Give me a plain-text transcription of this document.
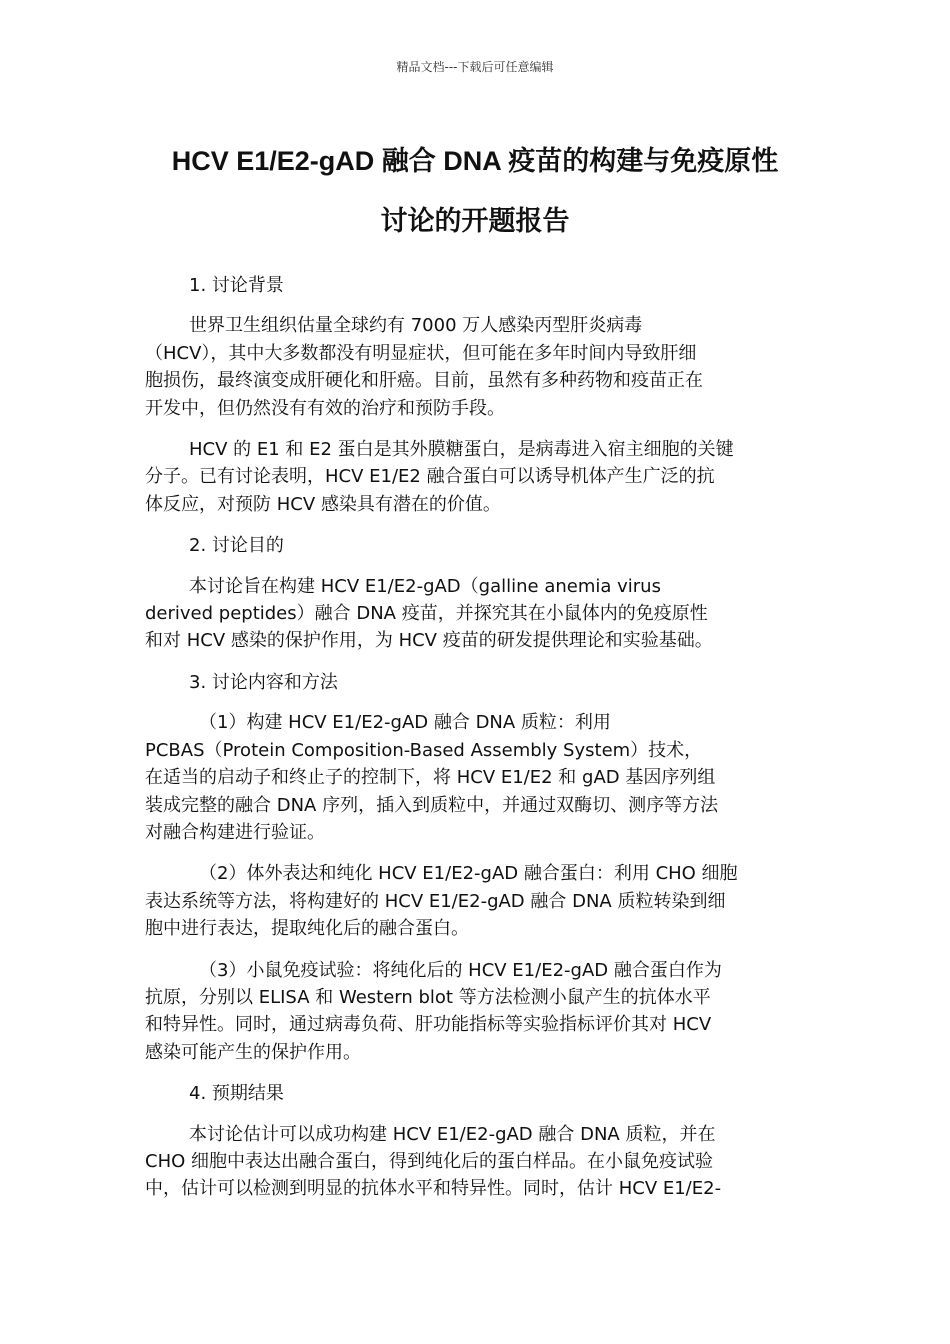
精品文档---下载后可任意编辑
HCV E1/E2-gAD 融合 DNA 疫苗的构建与免疫原性
讨论的开题报告

1. 讨论背景

世界卫生组织估量全球约有 7000 万人感染丙型肝炎病毒
（HCV），其中大多数都没有明显症状，但可能在多年时间内导致肝细
胞损伤，最终演变成肝硬化和肝癌。目前，虽然有多种药物和疫苗正在
开发中，但仍然没有有效的治疗和预防手段。

HCV 的 E1 和 E2 蛋白是其外膜糖蛋白，是病毒进入宿主细胞的关键
分子。已有讨论表明，HCV E1/E2 融合蛋白可以诱导机体产生广泛的抗
体反应，对预防 HCV 感染具有潜在的价值。

2. 讨论目的

本讨论旨在构建 HCV E1/E2-gAD（galline anemia virus
derived peptides）融合 DNA 疫苗，并探究其在小鼠体内的免疫原性
和对 HCV 感染的保护作用，为 HCV 疫苗的研发提供理论和实验基础。

3. 讨论内容和方法

（1）构建 HCV E1/E2-gAD 融合 DNA 质粒：利用
PCBAS（Protein Composition-Based Assembly System）技术，
在适当的启动子和终止子的控制下，将 HCV E1/E2 和 gAD 基因序列组
装成完整的融合 DNA 序列，插入到质粒中，并通过双酶切、测序等方法
对融合构建进行验证。

（2）体外表达和纯化 HCV E1/E2-gAD 融合蛋白：利用 CHO 细胞
表达系统等方法，将构建好的 HCV E1/E2-gAD 融合 DNA 质粒转染到细
胞中进行表达，提取纯化后的融合蛋白。

（3）小鼠免疫试验：将纯化后的 HCV E1/E2-gAD 融合蛋白作为
抗原，分别以 ELISA 和 Western blot 等方法检测小鼠产生的抗体水平
和特异性。同时，通过病毒负荷、肝功能指标等实验指标评价其对 HCV
感染可能产生的保护作用。

4. 预期结果

本讨论估计可以成功构建 HCV E1/E2-gAD 融合 DNA 质粒，并在
CHO 细胞中表达出融合蛋白，得到纯化后的蛋白样品。在小鼠免疫试验
中，估计可以检测到明显的抗体水平和特异性。同时，估计 HCV E1/E2-
